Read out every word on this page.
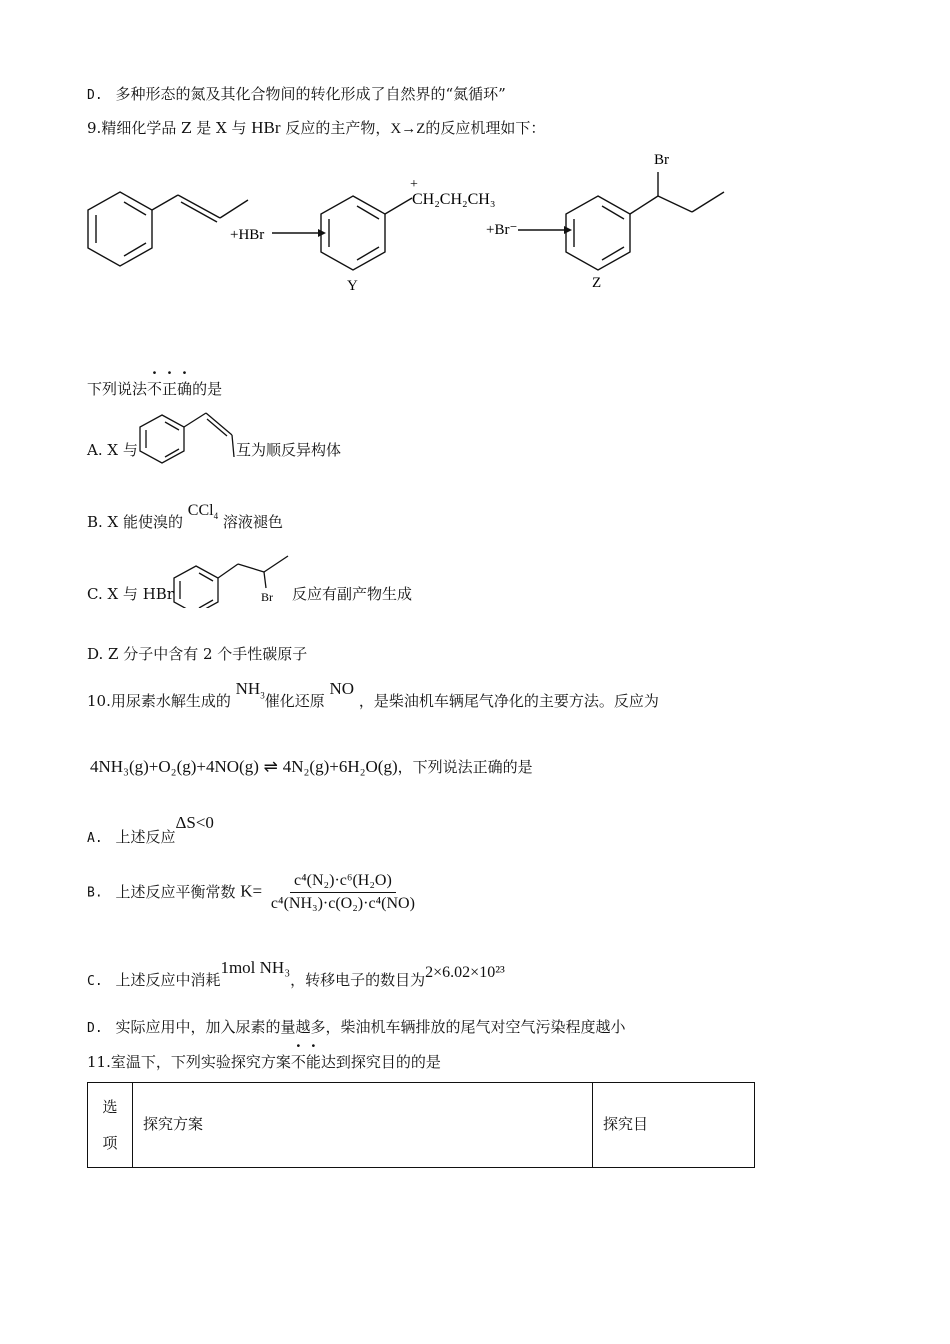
D. 多种形态的氮及其化合物间的转化形成了自然界的“氮循环”
9.精细化学品 Z 是 X 与 HBr 反应的主产物，X→Z的反应机理如下：
+HBr
+
CH₂CH₂CH₃
Y
+Br⁻
Br
Z
下列说法不正确的是
A. X 与	互为顺反异构体
B. X 能使溴的 CCl$_4$ 溶液褪色
C. X 与 HBr	Br 反应有副产物生成
D. Z 分子中含有 2 个手性碳原子
10.用尿素水解生成的 $NH_3$催化还原 NO ，是柴油机车辆尾气净化的主要方法。反应为
4NH₃(g)+O₂(g)+4NO(g) ⇌ 4N₂(g)+6H₂O(g)，下列说法正确的是
A. 上述反应ΔS<0
B. 上述反应平衡常数 $K= \frac{\text{c⁴(N₂)·c⁶(H₂O)}}{\text{c⁴(NH₃)·c(O₂)·c⁴(NO)}}$
C. 上述反应中消耗1mol NH₃，转移电子的数目为2×6.02×10²³
D. 实际应用中，加入尿素的量越多，柴油机车辆排放的尾气对空气污染程度越小
11.室温下，下列实验探究方案不能达到探究目的的是
选
项
	探究方案	探究目
